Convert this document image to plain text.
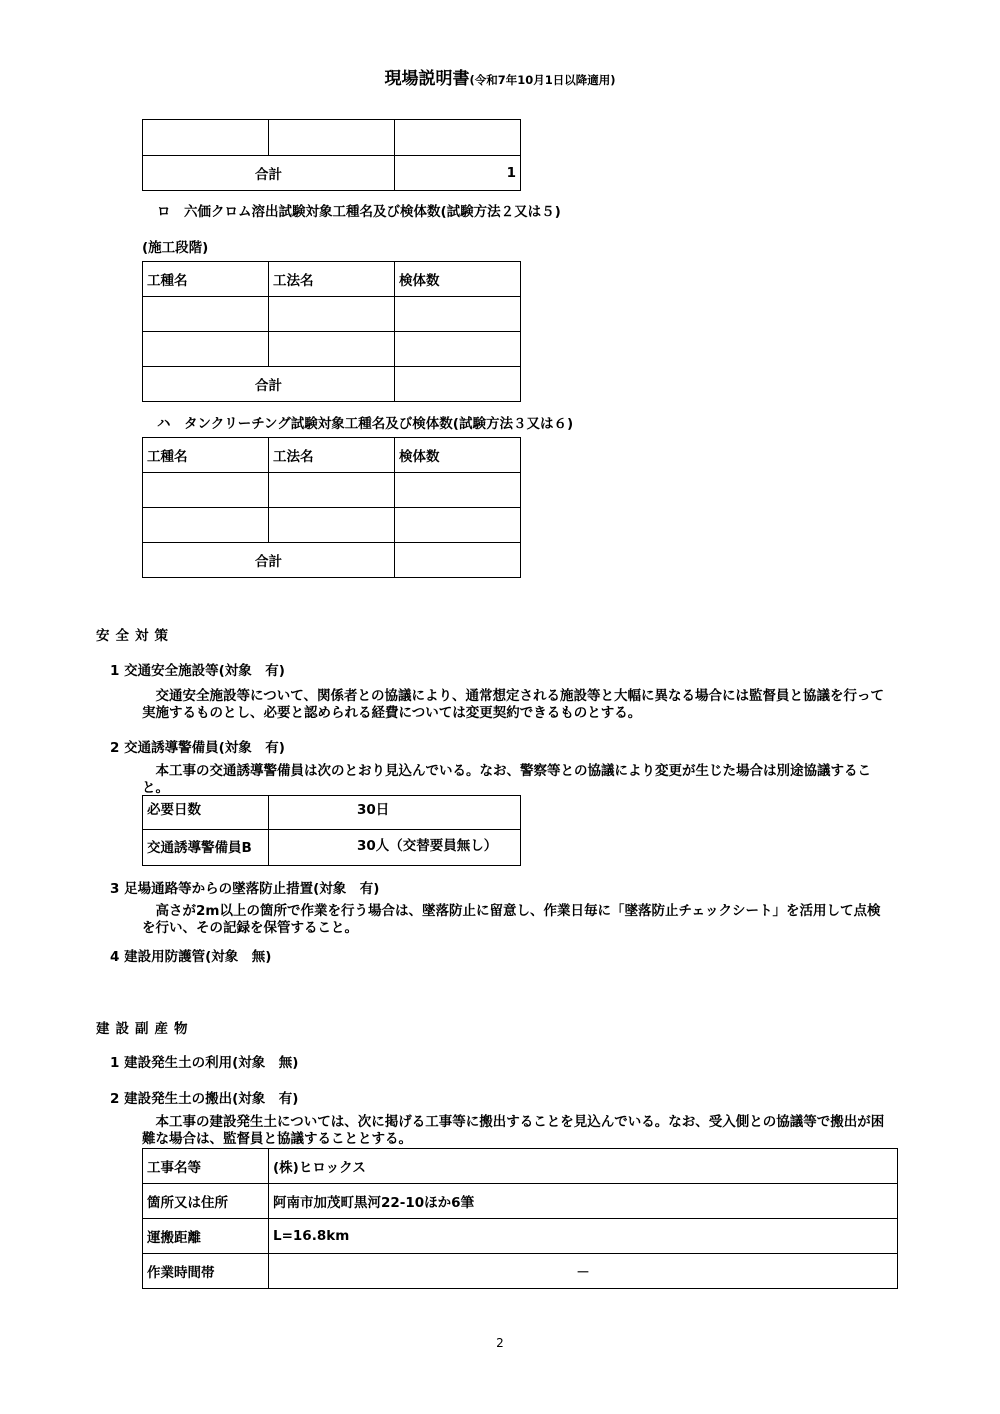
現場説明書(令和7年10月1日以降適用)

合計		1
ロ　六価クロム溶出試験対象工種名及び検体数(試験方法２又は５)
(施工段階)
工種名	工法名	検体数

合計		
ハ　タンクリーチング試験対象工種名及び検体数(試験方法３又は６)
工種名	工法名	検体数

合計		
安全対策
1 交通安全施設等(対象　有)
　交通安全施設等について、関係者との協議により、通常想定される施設等と大幅に異なる場合には監督員と協議を行って実施するものとし、必要と認められる経費については変更契約できるものとする。
2 交通誘導警備員(対象　有)
　本工事の交通誘導警備員は次のとおり見込んでいる。なお、警察等との協議により変更が生じた場合は別途協議すること。
必要日数	30日
交通誘導警備員B	30人（交替要員無し）
3 足場通路等からの墜落防止措置(対象　有)
　高さが2m以上の箇所で作業を行う場合は、墜落防止に留意し、作業日毎に「墜落防止チェックシート」を活用して点検を行い、その記録を保管すること。
4 建設用防護管(対象　無)
建設副産物
1 建設発生土の利用(対象　無)
2 建設発生土の搬出(対象　有)
　本工事の建設発生土については、次に掲げる工事等に搬出することを見込んでいる。なお、受入側との協議等で搬出が困難な場合は、監督員と協議することとする。
工事名等	(株)ヒロックス
箇所又は住所	阿南市加茂町黒河22-10ほか6筆
運搬距離	L=16.8km
作業時間帯	－
2
